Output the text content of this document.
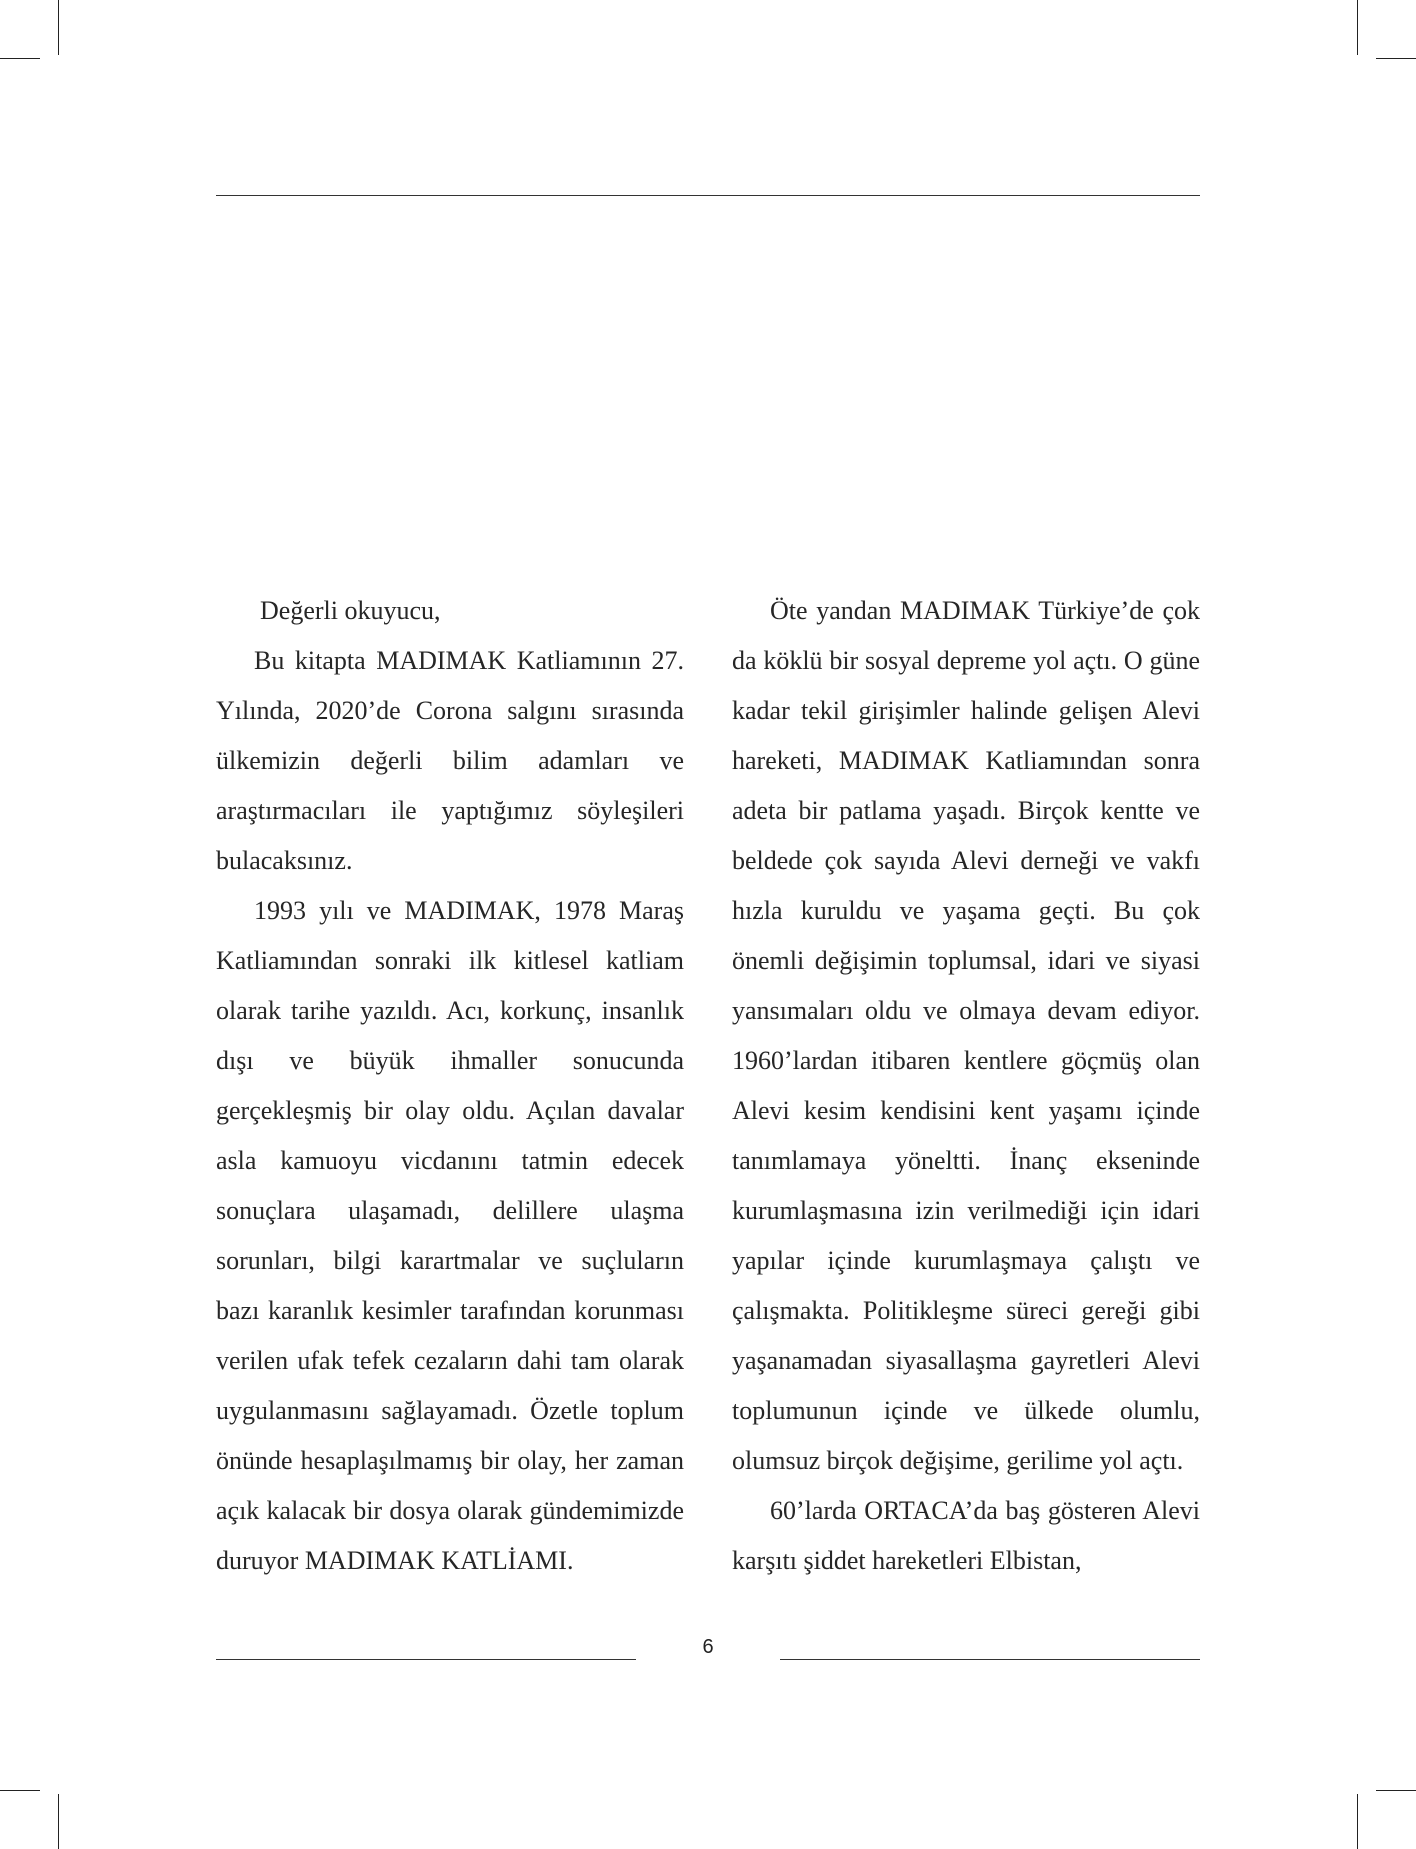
Değerli okuyucu,

Bu kitapta MADIMAK Katliamının 27. Yılında, 2020’de Corona salgını sırasında ülkemizin değerli bilim adamları ve araştırmacıları ile yaptığımız söyleşileri bulacaksınız.

1993 yılı ve MADIMAK, 1978 Maraş Katliamından sonraki ilk kitlesel katliam olarak tarihe yazıldı. Acı, korkunç, insanlık dışı ve büyük ihmaller sonucunda gerçekleşmiş bir olay oldu. Açılan davalar asla kamuoyu vicdanını tatmin edecek sonuçlara ulaşamadı, delillere ulaşma sorunları, bilgi karartmalar ve suçluların bazı karanlık kesimler tarafından korunması verilen ufak tefek cezaların dahi tam olarak uygulanmasını sağlayamadı. Özetle toplum önünde hesaplaşılmamış bir olay, her zaman açık kalacak bir dosya olarak gündemimizde duruyor MADIMAK KATLİAMI.

Öte yandan MADIMAK Türkiye’de çok da köklü bir sosyal depreme yol açtı. O güne kadar tekil girişimler halinde gelişen Alevi hareketi, MADIMAK Katliamından sonra adeta bir patlama yaşadı. Birçok kentte ve beldede çok sayıda Alevi derneği ve vakfı hızla kuruldu ve yaşama geçti. Bu çok önemli değişimin toplumsal, idari ve siyasi yansımaları oldu ve olmaya devam ediyor. 1960’lardan itibaren kentlere göçmüş olan Alevi kesim kendisini kent yaşamı içinde tanımlamaya yöneltti. İnanç ekseninde kurumlaşmasına izin verilmediği için idari yapılar içinde kurumlaşmaya çalıştı ve çalışmakta. Politikleşme süreci gereği gibi yaşanamadan siyasallaşma gayretleri Alevi toplumunun içinde ve ülkede olumlu, olumsuz birçok değişime, gerilime yol açtı.

60’larda ORTACA’da baş gösteren Alevi karşıtı şiddet hareketleri Elbistan,

6
